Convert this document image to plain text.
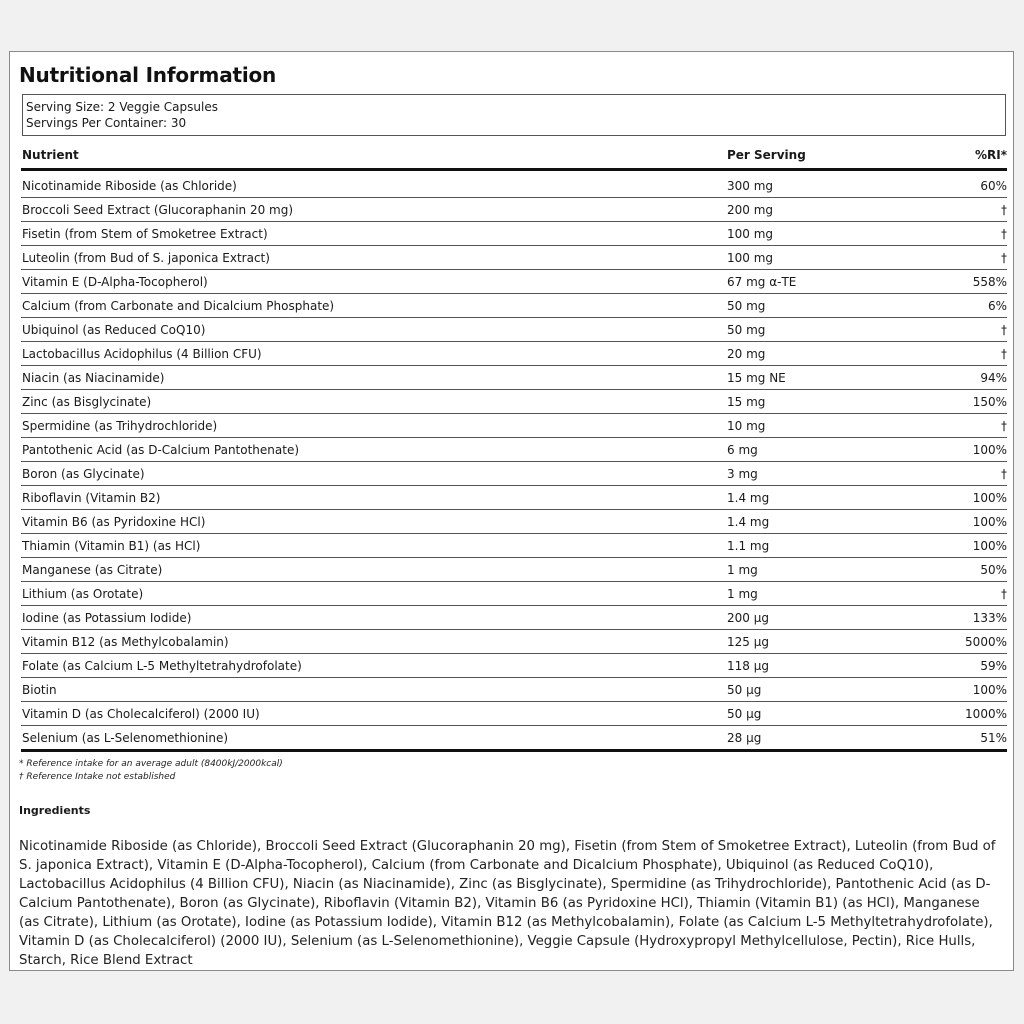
Nutritional Information
Serving Size: 2 Veggie Capsules
Servings Per Container: 30
Nutrient	Per Serving	%RI*
Nicotinamide Riboside (as Chloride)	300 mg	60%
Broccoli Seed Extract (Glucoraphanin 20 mg)	200 mg	†
Fisetin (from Stem of Smoketree Extract)	100 mg	†
Luteolin (from Bud of S. japonica Extract)	100 mg	†
Vitamin E (D-Alpha-Tocopherol)	67 mg α-TE	558%
Calcium (from Carbonate and Dicalcium Phosphate)	50 mg	6%
Ubiquinol (as Reduced CoQ10)	50 mg	†
Lactobacillus Acidophilus (4 Billion CFU)	20 mg	†
Niacin (as Niacinamide)	15 mg NE	94%
Zinc (as Bisglycinate)	15 mg	150%
Spermidine (as Trihydrochloride)	10 mg	†
Pantothenic Acid (as D-Calcium Pantothenate)	6 mg	100%
Boron (as Glycinate)	3 mg	†
Riboflavin (Vitamin B2)	1.4 mg	100%
Vitamin B6 (as Pyridoxine HCl)	1.4 mg	100%
Thiamin (Vitamin B1) (as HCl)	1.1 mg	100%
Manganese (as Citrate)	1 mg	50%
Lithium (as Orotate)	1 mg	†
Iodine (as Potassium Iodide)	200 μg	133%
Vitamin B12 (as Methylcobalamin)	125 μg	5000%
Folate (as Calcium L-5 Methyltetrahydrofolate)	118 μg	59%
Biotin	50 μg	100%
Vitamin D (as Cholecalciferol) (2000 IU)	50 μg	1000%
Selenium (as L-Selenomethionine)	28 μg	51%
* Reference intake for an average adult (8400kJ/2000kcal)
† Reference Intake not established
Ingredients
Nicotinamide Riboside (as Chloride), Broccoli Seed Extract (Glucoraphanin 20 mg), Fisetin (from Stem of Smoketree Extract), Luteolin (from Bud of S. japonica Extract), Vitamin E (D-Alpha-Tocopherol), Calcium (from Carbonate and Dicalcium Phosphate), Ubiquinol (as Reduced CoQ10), Lactobacillus Acidophilus (4 Billion CFU), Niacin (as Niacinamide), Zinc (as Bisglycinate), Spermidine (as Trihydrochloride), Pantothenic Acid (as D-Calcium Pantothenate), Boron (as Glycinate), Riboflavin (Vitamin B2), Vitamin B6 (as Pyridoxine HCl), Thiamin (Vitamin B1) (as HCl), Manganese (as Citrate), Lithium (as Orotate), Iodine (as Potassium Iodide), Vitamin B12 (as Methylcobalamin), Folate (as Calcium L-5 Methyltetrahydrofolate), Vitamin D (as Cholecalciferol) (2000 IU), Selenium (as L-Selenomethionine), Veggie Capsule (Hydroxypropyl Methylcellulose, Pectin), Rice Hulls, Starch, Rice Blend Extract
